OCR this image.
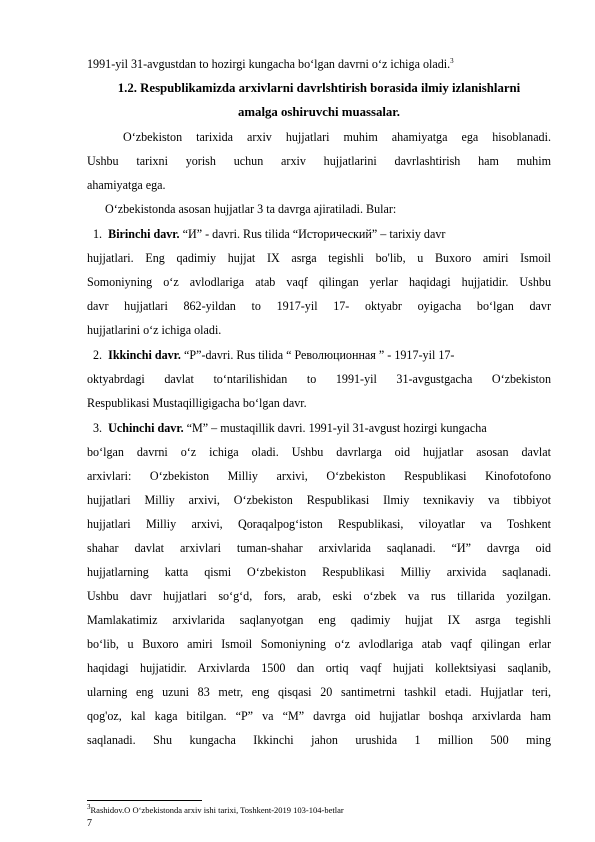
1991-yil 31-avgustdan to hozirgi kungacha bo‘lgan davrni o‘z ichiga oladi.$^3$
1.2. Respublikamizda arxivlarni davrlshtirish borasida ilmiy izlanishlarni
amalga oshiruvchi muassalar.
O‘zbekiston tarixida arxiv hujjatlari muhim ahamiyatga ega hisoblanadi.
Ushbu tarixni yorish uchun arxiv hujjatlarini davrlashtirish ham muhim
ahamiyatga ega.
O‘zbekistonda asosan hujjatlar 3 ta davrga ajiratiladi. Bular:
1. Birinchi davr. “И” - davri. Rus tilida “Исторический” – tarixiy davr
hujjatlari. Eng qadimiy hujjat IX asrga tegishli bo'lib, u Buxoro amiri Ismoil
Somoniyning o‘z avlodlariga atab vaqf qilingan yerlar haqidagi hujjatidir. Ushbu
davr hujjatlari 862-yildan to 1917-yil 17- oktyabr oyigacha bo‘lgan davr
hujjatlarini o‘z ichiga oladi.
2. Ikkinchi davr. “Р”-davri. Rus tilida “ Революционная ” - 1917-yil 17-
oktyabrdagi davlat to‘ntarilishidan to 1991-yil 31-avgustgacha O‘zbekiston
Respublikasi Mustaqilligigacha bo‘lgan davr.
3. Uchinchi davr. “М” – mustaqillik davri. 1991-yil 31-avgust hozirgi kungacha
bo‘lgan davrni o‘z ichiga oladi. Ushbu davrlarga oid hujjatlar asosan davlat
arxivlari: O‘zbekiston Milliy arxivi, O‘zbekiston Respublikasi Kinofotofono
hujjatlari Milliy arxivi, O‘zbekiston Respublikasi Ilmiy texnikaviy va tibbiyot
hujjatlari Milliy arxivi, Qoraqalpog‘iston Respublikasi, viloyatlar va Toshkent
shahar davlat arxivlari tuman-shahar arxivlarida saqlanadi. “И” davrga oid
hujjatlarning katta qismi O‘zbekiston Respublikasi Milliy arxivida saqlanadi.
Ushbu davr hujjatlari so‘g‘d, fors, arab, eski o‘zbek va rus tillarida yozilgan.
Mamlakatimiz arxivlarida saqlanyotgan eng qadimiy hujjat IX asrga tegishli
bo‘lib, u Buxoro amiri Ismoil Somoniyning o‘z avlodlariga atab vaqf qilingan erlar
haqidagi hujjatidir. Arxivlarda 1500 dan ortiq vaqf hujjati kollektsiyasi saqlanib,
ularning eng uzuni 83 metr, eng qisqasi 20 santimetrni tashkil etadi. Hujjatlar teri,
qog'oz, kal kaga bitilgan. “Р” va “М” davrga oid hujjatlar boshqa arxivlarda ham
saqlanadi. Shu kungacha Ikkinchi jahon urushida 1 million 500 ming
$^3$Rashidov.O O‘zbekistonda arxiv ishi tarixi, Toshkent-2019 103-104-betlar
7
